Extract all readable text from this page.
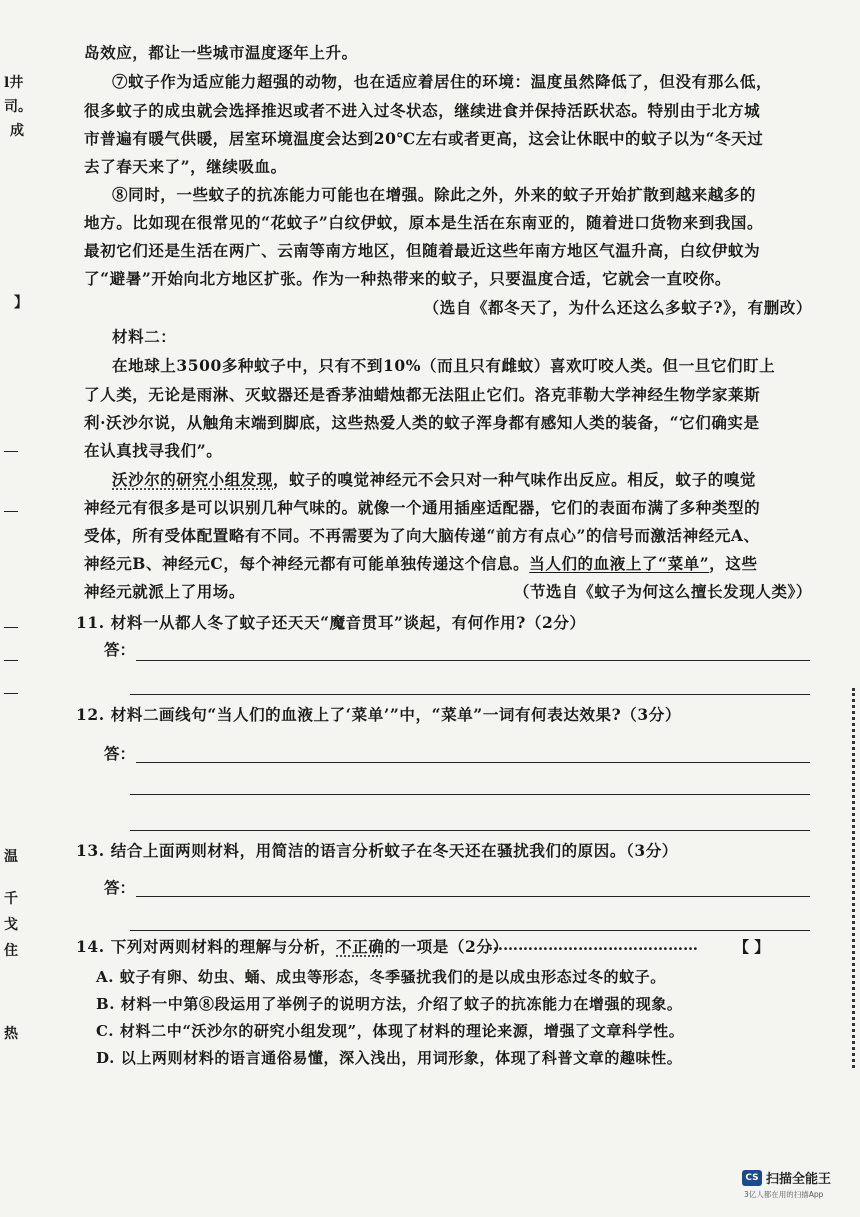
l井
司。
成
】
温
千
戈
住
热
岛效应，都让一些城市温度逐年上升。
⑦蚊子作为适应能力超强的动物，也在适应着居住的环境：温度虽然降低了，但没有那么低，
很多蚊子的成虫就会选择推迟或者不进入过冬状态，继续进食并保持活跃状态。特别由于北方城
市普遍有暖气供暖，居室环境温度会达到20℃左右或者更高，这会让休眠中的蚊子以为“冬天过
去了春天来了”，继续吸血。
⑧同时，一些蚊子的抗冻能力可能也在增强。除此之外，外来的蚊子开始扩散到越来越多的
地方。比如现在很常见的“花蚊子”白纹伊蚊，原本是生活在东南亚的，随着进口货物来到我国。
最初它们还是生活在两广、云南等南方地区，但随着最近这些年南方地区气温升高，白纹伊蚊为
了“避暑”开始向北方地区扩张。作为一种热带来的蚊子，只要温度合适，它就会一直咬你。
（选自《都冬天了，为什么还这么多蚊子?》，有删改）
材料二：
在地球上3500多种蚊子中，只有不到10%（而且只有雌蚊）喜欢叮咬人类。但一旦它们盯上
了人类，无论是雨淋、灭蚊器还是香茅油蜡烛都无法阻止它们。洛克菲勒大学神经生物学家莱斯
利·沃沙尔说，从触角末端到脚底，这些热爱人类的蚊子浑身都有感知人类的装备，“它们确实是
在认真找寻我们”。
沃沙尔的研究小组发现，蚊子的嗅觉神经元不会只对一种气味作出反应。相反，蚊子的嗅觉
神经元有很多是可以识别几种气味的。就像一个通用插座适配器，它们的表面布满了多种类型的
受体，所有受体配置略有不同。不再需要为了向大脑传递“前方有点心”的信号而激活神经元A、
神经元B、神经元C，每个神经元都有可能单独传递这个信息。当人们的血液上了“菜单”，这些
神经元就派上了用场。	（节选自《蚊子为何这么擅长发现人类》）
11. 材料一从都人冬了蚊子还天天“魔音贯耳”谈起，有何作用?（2分）
答：
12. 材料二画线句“当人们的血液上了‘菜单’”中，“菜单”一词有何表达效果?（3分）
答：
13. 结合上面两则材料，用简洁的语言分析蚊子在冬天还在骚扰我们的原因。（3分）
答：
14. 下列对两则材料的理解与分析，不正确的一项是（2分）
…………………………………… 【 】
A. 蚊子有卵、幼虫、蛹、成虫等形态，冬季骚扰我们的是以成虫形态过冬的蚊子。
B. 材料一中第⑧段运用了举例子的说明方法，介绍了蚊子的抗冻能力在增强的现象。
C. 材料二中“沃沙尔的研究小组发现”，体现了材料的理论来源，增强了文章科学性。
D. 以上两则材料的语言通俗易懂，深入浅出，用词形象，体现了科普文章的趣味性。
CS 扫描全能王
3亿人都在用的扫描App
